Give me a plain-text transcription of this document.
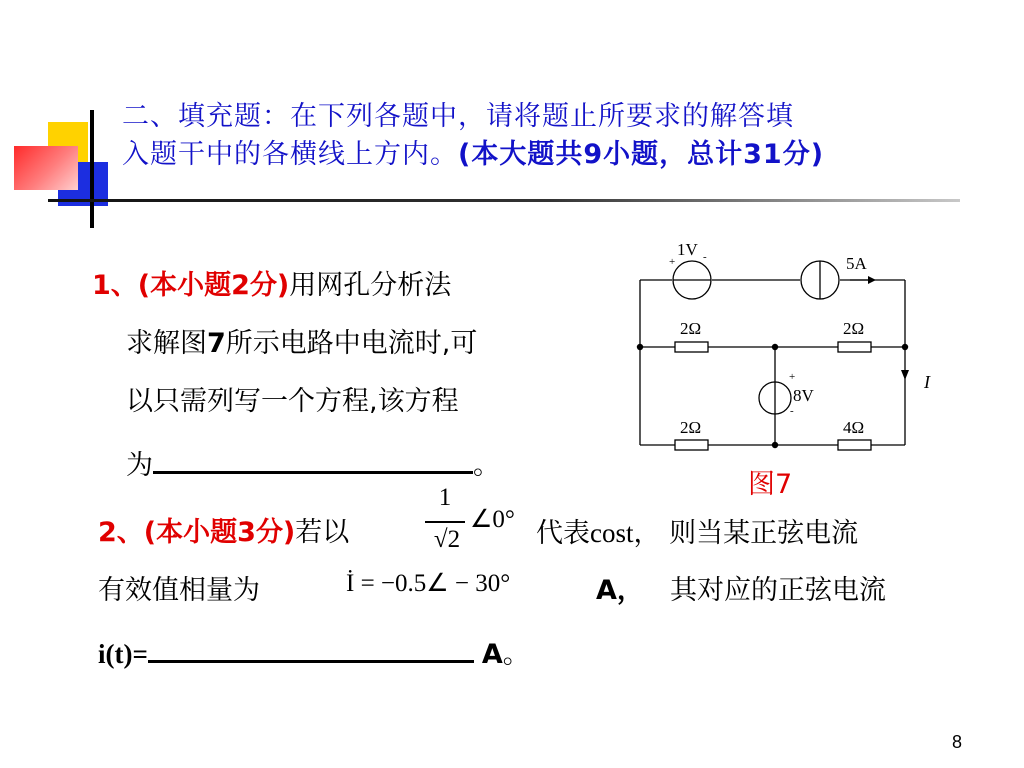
二、填充题：在下列各题中，请将题止所要求的解答填
入题干中的各横线上方内。(本大题共9小题，总计31分)
1、(本小题2分)用网孔分析法
求解图7所示电路中电流时,可
以只需列写一个方程,该方程
为	。
+
1V -	5A
2Ω	2Ω
+
8V
-
2Ω	4Ω
I
图7
2、(本小题3分)若以
1
√2
∠0° 代表cost， 则当某正弦电流
有效值相量为	İ = −0.5∠ − 30°	A， 其对应的正弦电流
i(t)=	A。
8
